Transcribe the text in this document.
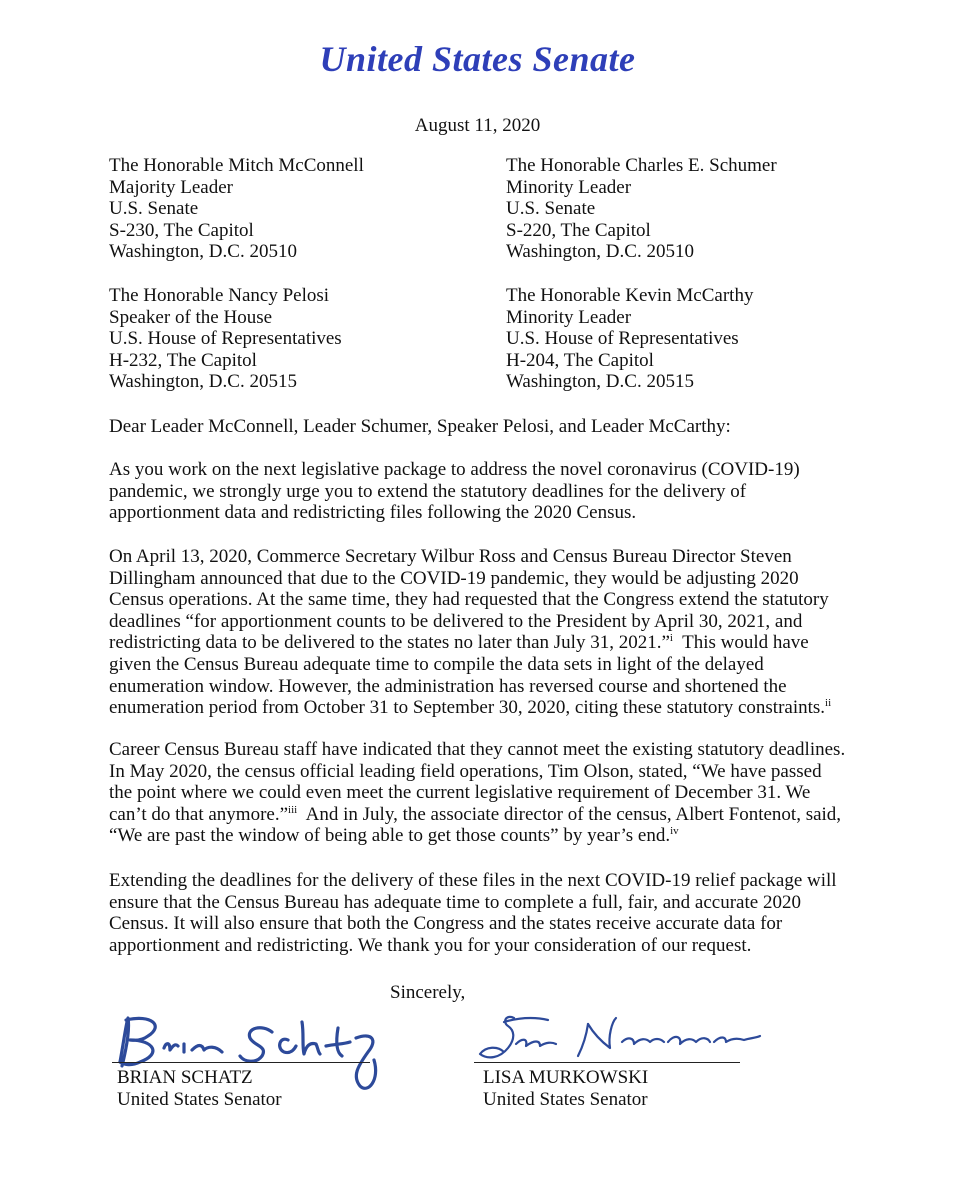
United States Senate
August 11, 2020
The Honorable Mitch McConnell
Majority Leader
U.S. Senate
S-230, The Capitol
Washington, D.C. 20510
The Honorable Charles E. Schumer
Minority Leader
U.S. Senate
S-220, The Capitol
Washington, D.C. 20510
The Honorable Nancy Pelosi
Speaker of the House
U.S. House of Representatives
H-232, The Capitol
Washington, D.C. 20515
The Honorable Kevin McCarthy
Minority Leader
U.S. House of Representatives
H-204, The Capitol
Washington, D.C. 20515
Dear Leader McConnell, Leader Schumer, Speaker Pelosi, and Leader McCarthy:
As you work on the next legislative package to address the novel coronavirus (COVID-19)
pandemic, we strongly urge you to extend the statutory deadlines for the delivery of
apportionment data and redistricting files following the 2020 Census.
On April 13, 2020, Commerce Secretary Wilbur Ross and Census Bureau Director Steven
Dillingham announced that due to the COVID-19 pandemic, they would be adjusting 2020
Census operations. At the same time, they had requested that the Congress extend the statutory
deadlines “for apportionment counts to be delivered to the President by April 30, 2021, and
redistricting data to be delivered to the states no later than July 31, 2021.”$^i$  This would have
given the Census Bureau adequate time to compile the data sets in light of the delayed
enumeration window. However, the administration has reversed course and shortened the
enumeration period from October 31 to September 30, 2020, citing these statutory constraints.$^{ii}$
Career Census Bureau staff have indicated that they cannot meet the existing statutory deadlines.
In May 2020, the census official leading field operations, Tim Olson, stated, “We have passed
the point where we could even meet the current legislative requirement of December 31. We
can’t do that anymore.”$^{iii}$  And in July, the associate director of the census, Albert Fontenot, said,
“We are past the window of being able to get those counts” by year’s end.$^{iv}$
Extending the deadlines for the delivery of these files in the next COVID-19 relief package will
ensure that the Census Bureau has adequate time to complete a full, fair, and accurate 2020
Census. It will also ensure that both the Congress and the states receive accurate data for
apportionment and redistricting. We thank you for your consideration of our request.
Sincerely,
BRIAN SCHATZ
United States Senator
LISA MURKOWSKI
United States Senator
